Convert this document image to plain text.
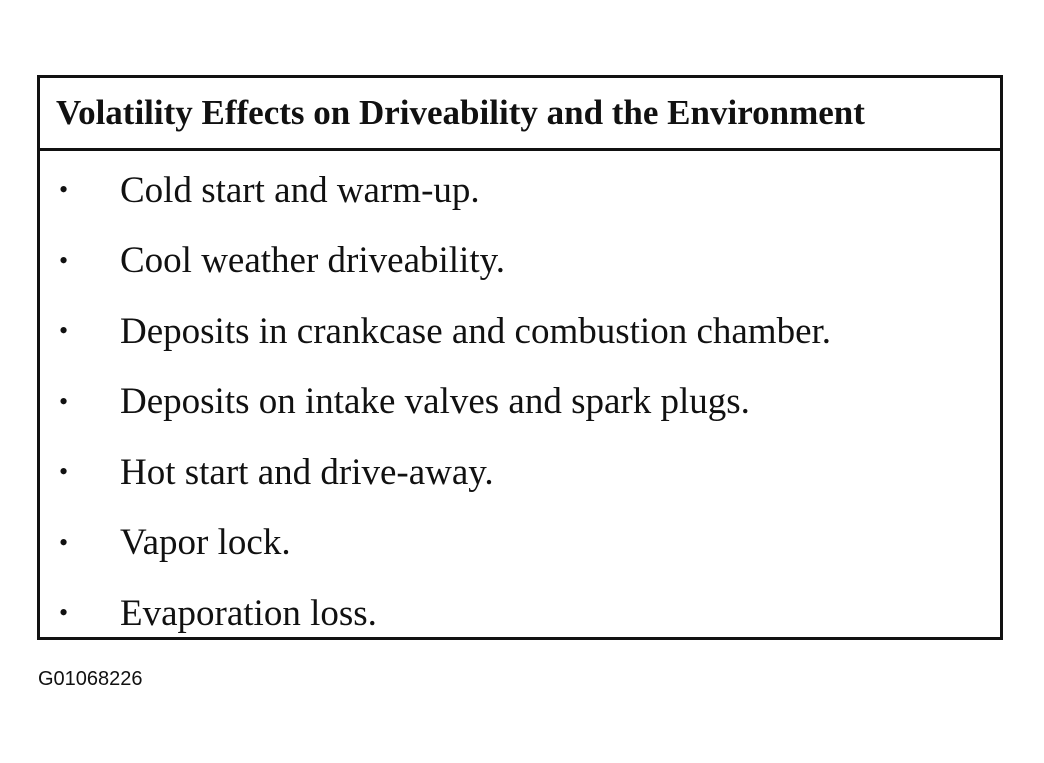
Volatility Effects on Driveability and the Environment
•	Cold start and warm-up.
•	Cool weather driveability.
•	Deposits in crankcase and combustion chamber.
•	Deposits on intake valves and spark plugs.
•	Hot start and drive-away.
•	Vapor lock.
•	Evaporation loss.
G01068226
